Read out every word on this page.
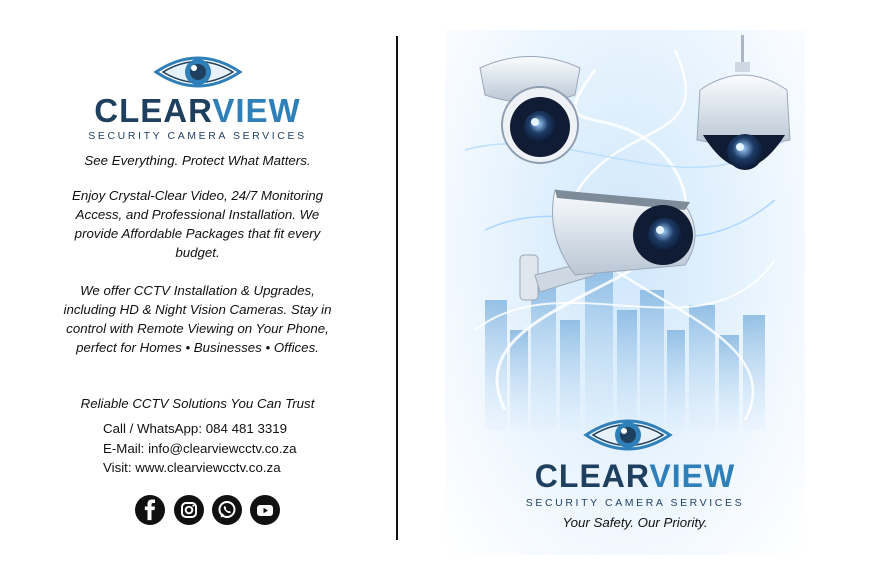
CLEARVIEW
SECURITY CAMERA SERVICES

See Everything. Protect What Matters.

Enjoy Crystal-Clear Video, 24/7 Monitoring Access, and Professional Installation. We provide Affordable Packages that fit every budget.

We offer CCTV Installation & Upgrades, including HD & Night Vision Cameras. Stay in control with Remote Viewing on Your Phone, perfect for Homes • Businesses • Offices.

Reliable CCTV Solutions You Can Trust

Call / WhatsApp: 084 481 3319
E-Mail: info@clearviewcctv.co.za
Visit: www.clearviewcctv.co.za	CLEARVIEW
SECURITY CAMERA SERVICES
Your Safety. Our Priority.
